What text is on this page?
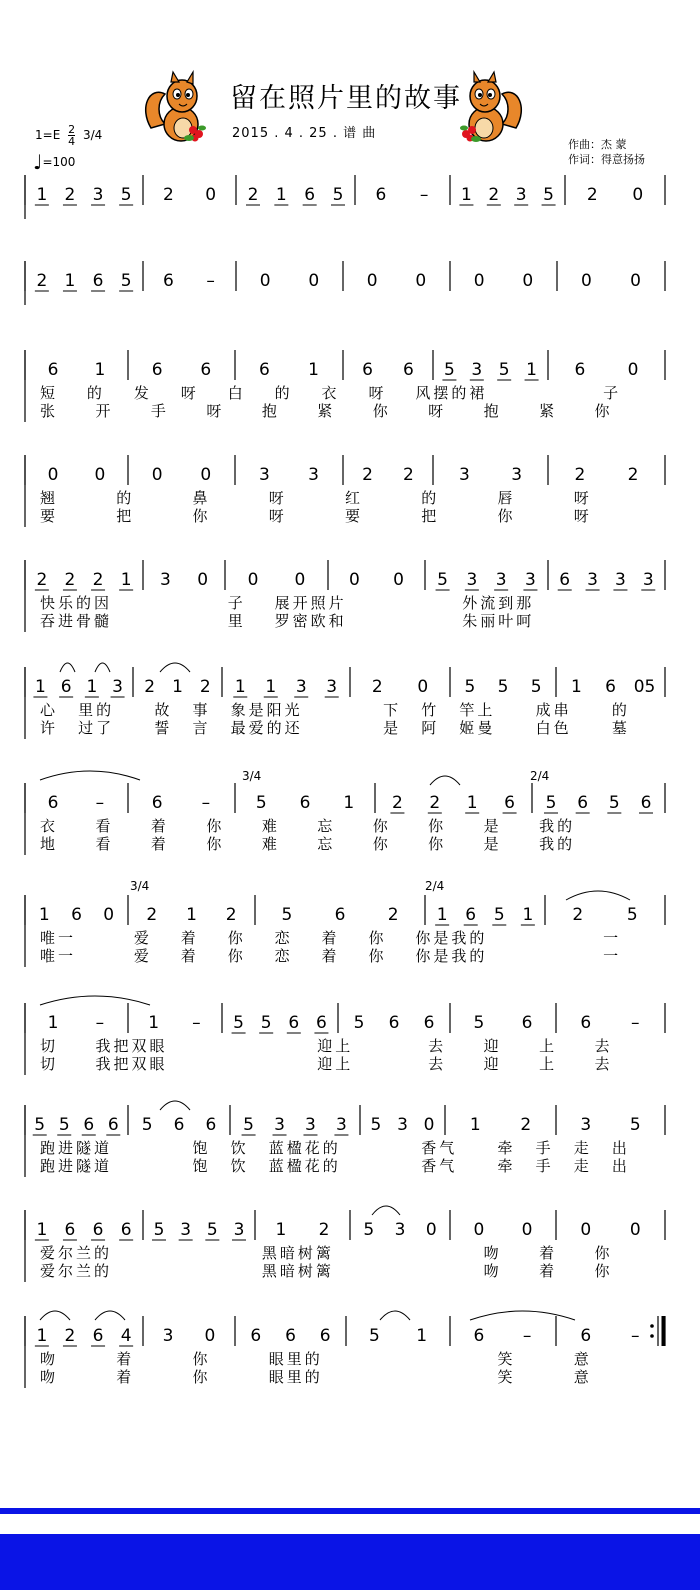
留在照片里的故事
2015 . 4 . 25 . 谱 曲
作曲：杰 蒙
作词：得意扬扬
$1=E \frac{2}{4} 3/4$
♩=100
1 2 3 5 2 0 2 1 6 5 6 – 1 2 3 5 2 0
2 1 6 5 6 –	0 0	0 0	0 0	0 0
6 1	6 6	6 1	6 6 5 3 5 1 6 0
短 的 发 呀 白 的 衣 呀 风摆的裙	子
张 开 手 呀 抱 紧 你 呀 抱 紧 你
0 0	0 0	3 3	2 2	3 3	2 2
翘	的	鼻	呀	红	的	唇	呀
要	把	你	呀	要	把	你	呀
2 2 2 1 3 0 0 0	0 0 5 3 3 3 6 3 3 3
快乐的因	子 展开照片	外流到那
吞进骨髓	里 罗密欧和	朱丽叶呵
1 6 1 3 2 1 2 1 1 3 3 2 0 5 5 5 1 6 05
心 里的	故 事 象是阳光	下 竹 竿上	成串	的
许 过了	誓 言 最爱的还	是 阿 姬曼	白色	墓
6 –	6 –	5 6 1 2 2 1 6 5 6 5 6
衣 看 着 你 难 忘 你 你 是 我的
地 看 着 你 难 忘 你 你 是 我的
1 6 0 2 1 2	5 6 2 1 6 5 1 2	5
唯一	爱 着 你 恋 着 你 你是我的	一
唯一	爱 着 你 恋 着 你 你是我的	一
1 –	1 – 5 5 6 6 5 6 6 5 6	6 –
切 我把双眼	迎上	去 迎 上 去
切 我把双眼	迎上	去 迎 上 去
5 5 6 6 5 6 6 5 3 3 3 5 3 0 1 2	3 5
跑进隧道	饱 饮 蓝楹花的	香气	牵 手 走 出
跑进隧道	饱 饮 蓝楹花的	香气	牵 手 走 出
1 6 6 6 5 3 5 3 1 2 5 3 0 0 0	0 0
爱尔兰的	黑暗树篱	吻 着 你
爱尔兰的	黑暗树篱	吻 着 你
1 2 6 4 3 0 6 6 6 5 1	6 –	6 –
吻	着	你	眼里的	笑	意
吻	着	你	眼里的	笑	意
3/4	2/4
3/4	2/4
